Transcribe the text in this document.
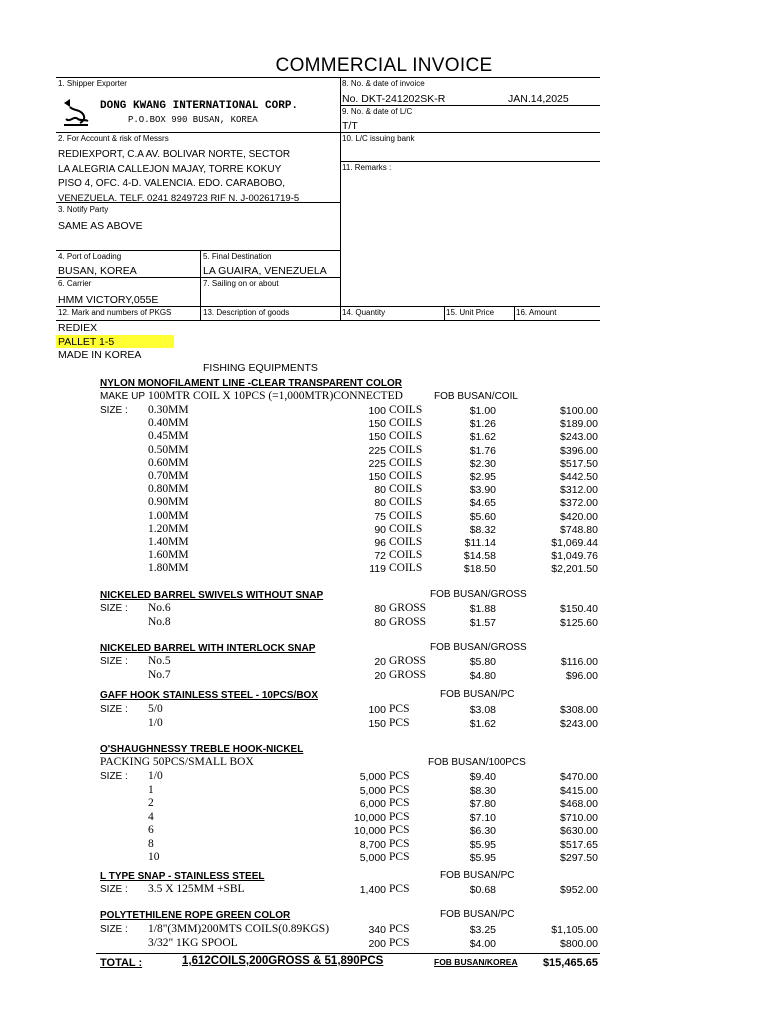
COMMERCIAL INVOICE
1. Shipper Exporter
DONG KWANG INTERNATIONAL CORP.
P.O.BOX 990 BUSAN, KOREA
8. No. & date of invoice
No. DKT-241202SK-R	JAN.14,2025
9. No. & date of L/C
T/T
2. For Account & risk of Messrs
REDIEXPORT, C.A AV. BOLIVAR NORTE, SECTOR
LA ALEGRIA CALLEJON MAJAY, TORRE KOKUY
PISO 4, OFC. 4-D. VALENCIA. EDO. CARABOBO,
VENEZUELA. TELF. 0241 8249723 RIF N. J-00261719-5
10. L/C issuing bank
11. Remarks :
3. Notify Party
SAME AS ABOVE
4. Port of Loading
BUSAN, KOREA
5. Final Destination
LA GUAIRA, VENEZUELA
6. Carrier
HMM VICTORY,055E
7. Sailing on or about
12. Mark and numbers of PKGS	13. Description of goods	14. Quantity	15. Unit Price	16. Amount
REDIEX
PALLET 1-5
MADE IN KOREA
FISHING EQUIPMENTS
NYLON MONOFILAMENT LINE -CLEAR TRANSPARENT COLOR
FOB BUSAN/COIL
MAKE UP 100MTR COIL X 10PCS (=1,000MTR)CONNECTED
SIZE : 0.30MM	100 COILS	$1.00	$100.00
0.40MM	150 COILS	$1.26	$189.00
0.45MM	150 COILS	$1.62	$243.00
0.50MM	225 COILS	$1.76	$396.00
0.60MM	225 COILS	$2.30	$517.50
0.70MM	150 COILS	$2.95	$442.50
0.80MM	80 COILS	$3.90	$312.00
0.90MM	80 COILS	$4.65	$372.00
1.00MM	75 COILS	$5.60	$420.00
1.20MM	90 COILS	$8.32	$748.80
1.40MM	96 COILS	$11.14	$1,069.44
1.60MM	72 COILS	$14.58	$1,049.76
1.80MM	119 COILS	$18.50	$2,201.50
NICKELED BARREL SWIVELS WITHOUT SNAP	FOB BUSAN/GROSS
SIZE : No.6	80 GROSS	$1.88	$150.40
No.8	80 GROSS	$1.57	$125.60
NICKELED BARREL WITH INTERLOCK SNAP	FOB BUSAN/GROSS
SIZE : No.5	20 GROSS	$5.80	$116.00
No.7	20 GROSS	$4.80	$96.00
GAFF HOOK STAINLESS STEEL - 10PCS/BOX	FOB BUSAN/PC
SIZE : 5/0	100 PCS	$3.08	$308.00
1/0	150 PCS	$1.62	$243.00
O'SHAUGHNESSY TREBLE HOOK-NICKEL
FOB BUSAN/100PCS
PACKING 50PCS/SMALL BOX
SIZE : 1/0	5,000 PCS	$9.40	$470.00
1	5,000 PCS	$8.30	$415.00
2	6,000 PCS	$7.80	$468.00
4	10,000 PCS	$7.10	$710.00
6	10,000 PCS	$6.30	$630.00
8	8,700 PCS	$5.95	$517.65
10	5,000 PCS	$5.95	$297.50
L TYPE SNAP - STAINLESS STEEL	FOB BUSAN/PC
SIZE : 3.5 X 125MM +SBL	1,400 PCS	$0.68	$952.00
POLYTETHILENE ROPE GREEN COLOR	FOB BUSAN/PC
SIZE : 1/8"(3MM)200MTS COILS(0.89KGS)	340 PCS	$3.25	$1,105.00
3/32" 1KG SPOOL	200 PCS	$4.00	$800.00
TOTAL :	1,612COILS,200GROSS & 51,890PCS	FOB BUSAN/KOREA	$15,465.65
